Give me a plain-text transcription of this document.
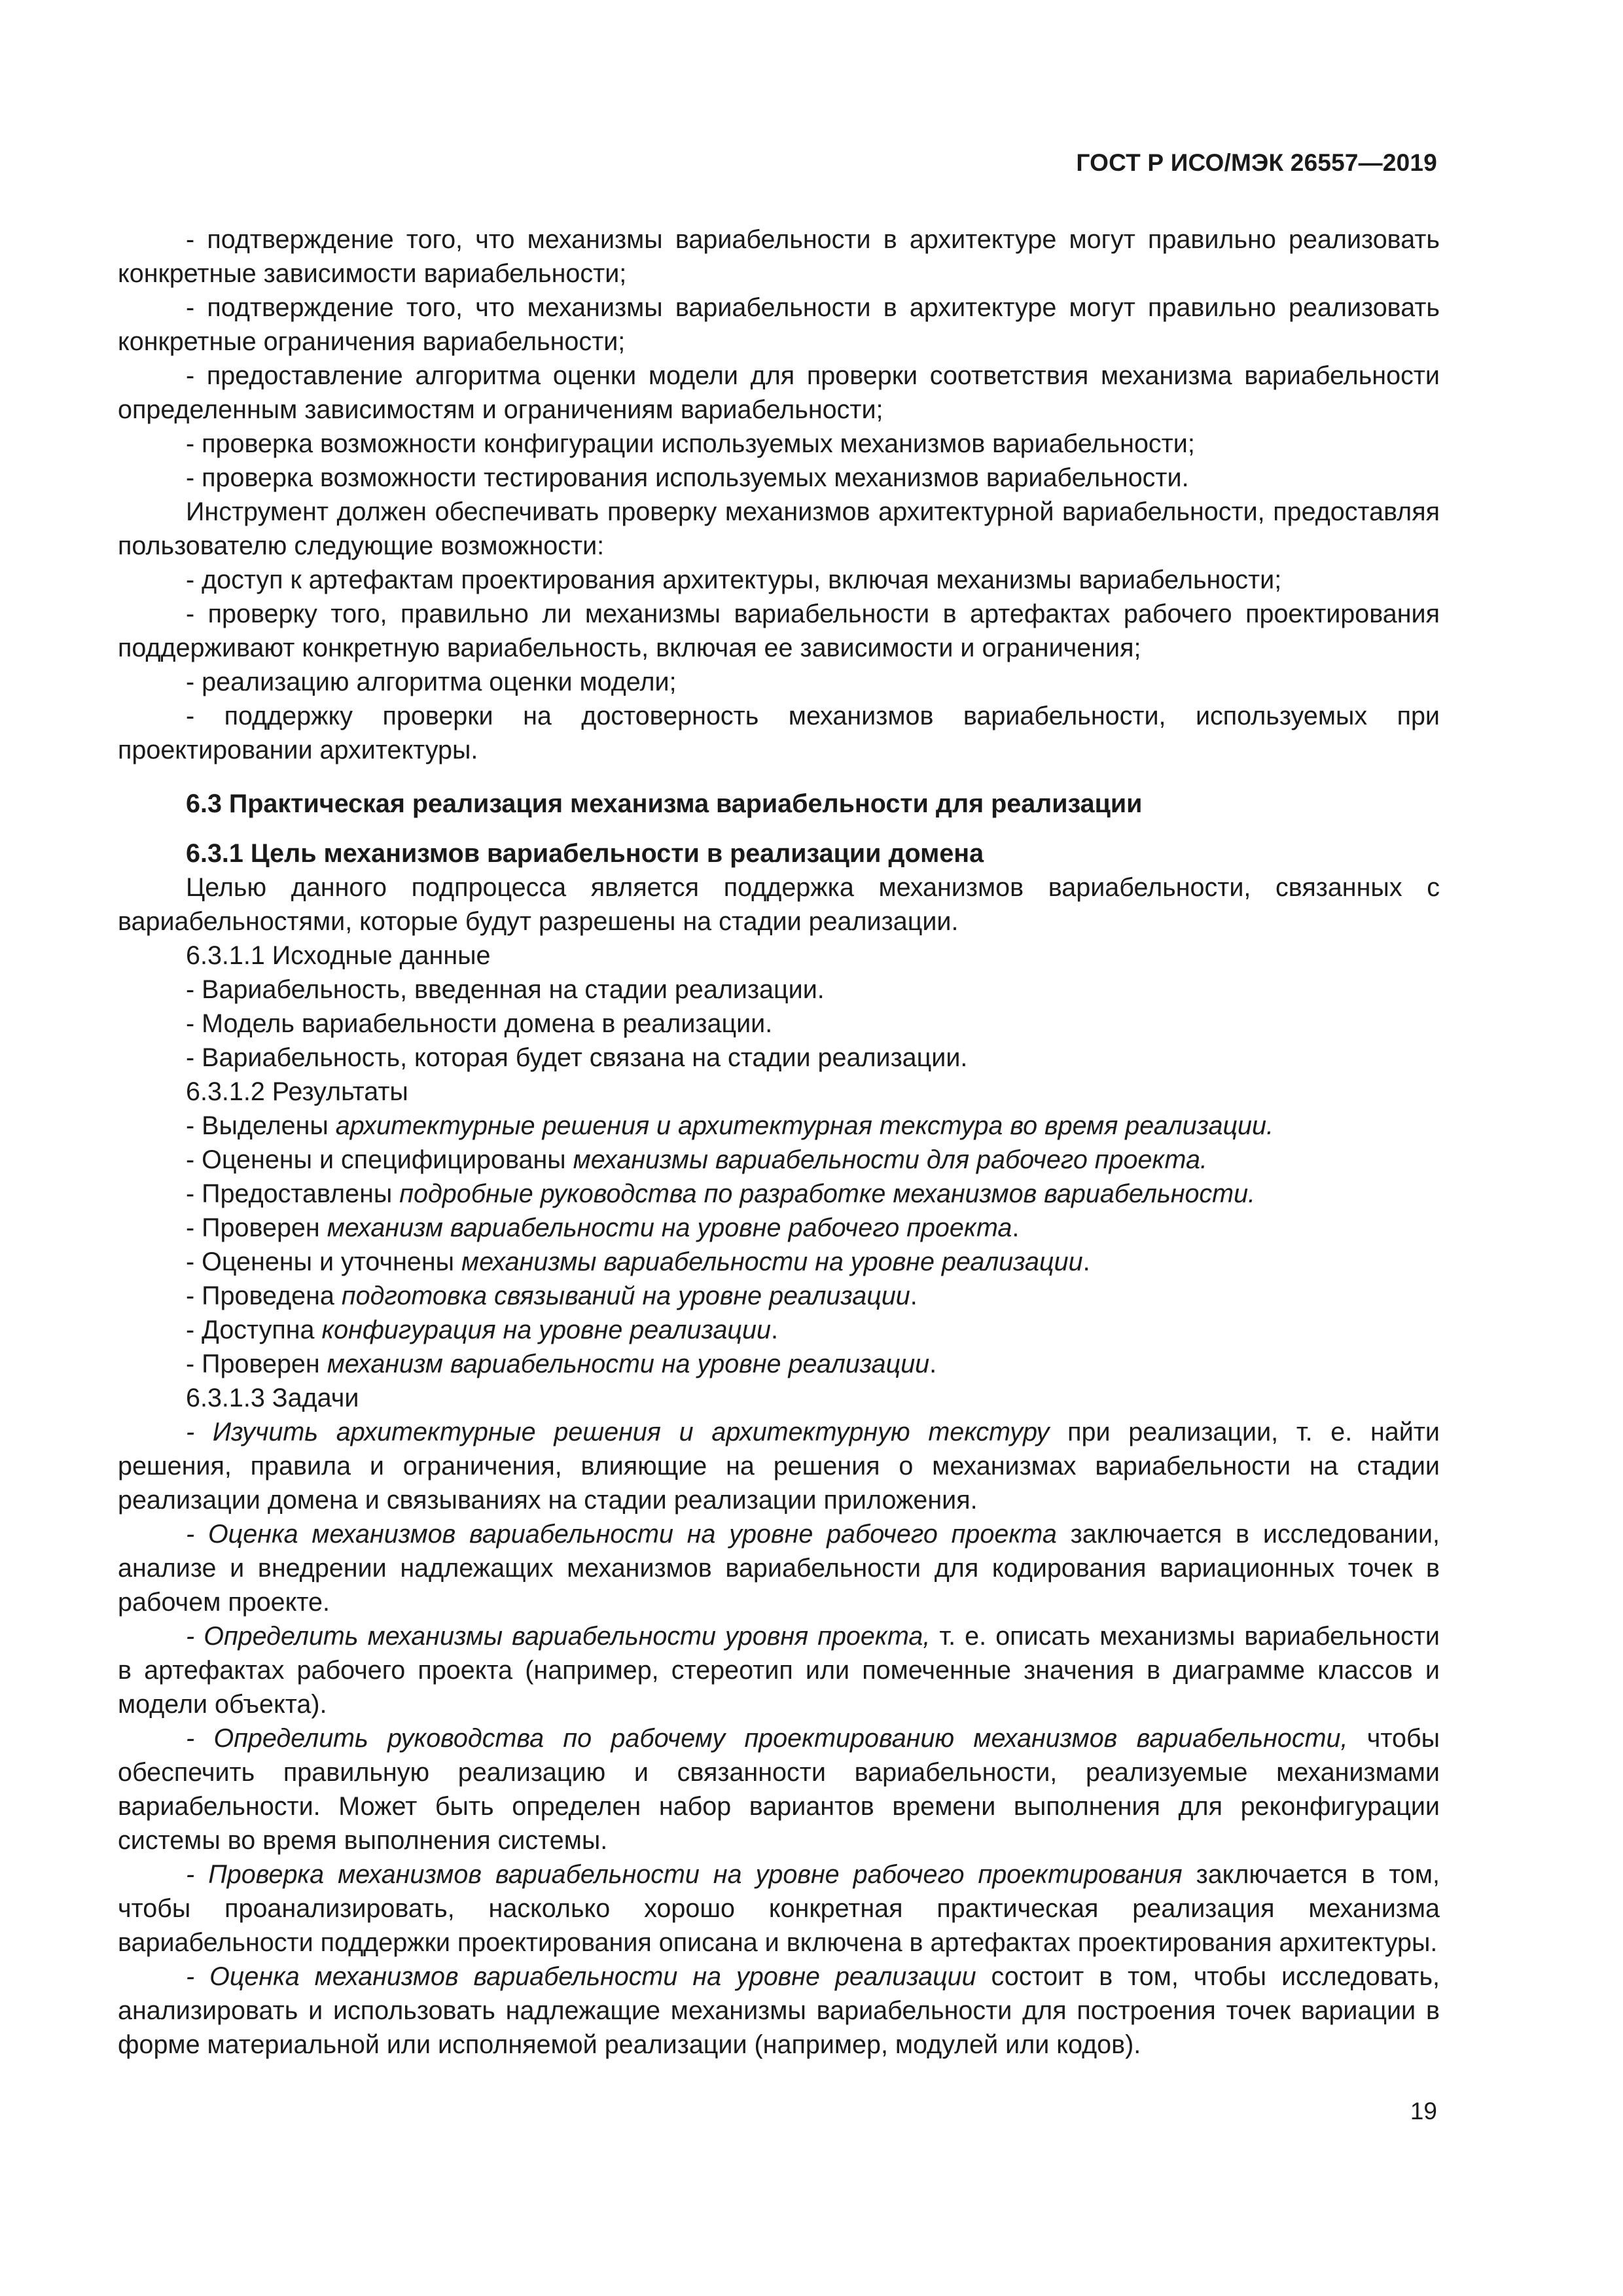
ГОСТ Р ИСО/МЭК 26557—2019

- подтверждение того, что механизмы вариабельности в архитектуре могут правильно реализовать конкретные зависимости вариабельности;

- подтверждение того, что механизмы вариабельности в архитектуре могут правильно реализовать конкретные ограничения вариабельности;

- предоставление алгоритма оценки модели для проверки соответствия механизма вариабельности определенным зависимостям и ограничениям вариабельности;

- проверка возможности конфигурации используемых механизмов вариабельности;

- проверка возможности тестирования используемых механизмов вариабельности.

Инструмент должен обеспечивать проверку механизмов архитектурной вариабельности, предоставляя пользователю следующие возможности:

- доступ к артефактам проектирования архитектуры, включая механизмы вариабельности;

- проверку того, правильно ли механизмы вариабельности в артефактах рабочего проектирования поддерживают конкретную вариабельность, включая ее зависимости и ограничения;

- реализацию алгоритма оценки модели;

- поддержку проверки на достоверность механизмов вариабельности, используемых при проектировании архитектуры.

6.3 Практическая реализация механизма вариабельности для реализации
6.3.1 Цель механизмов вариабельности в реализации домена

Целью данного подпроцесса является поддержка механизмов вариабельности, связанных с вариабельностями, которые будут разрешены на стадии реализации.

6.3.1.1 Исходные данные

- Вариабельность, введенная на стадии реализации.

- Модель вариабельности домена в реализации.

- Вариабельность, которая будет связана на стадии реализации.

6.3.1.2 Результаты

- Выделены архитектурные решения и архитектурная текстура во время реализации.

- Оценены и специфицированы механизмы вариабельности для рабочего проекта.

- Предоставлены подробные руководства по разработке механизмов вариабельности.

- Проверен механизм вариабельности на уровне рабочего проекта.

- Оценены и уточнены механизмы вариабельности на уровне реализации.

- Проведена подготовка связываний на уровне реализации.

- Доступна конфигурация на уровне реализации.

- Проверен механизм вариабельности на уровне реализации.

6.3.1.3 Задачи

- Изучить архитектурные решения и архитектурную текстуру при реализации, т. е. найти решения, правила и ограничения, влияющие на решения о механизмах вариабельности на стадии реализации домена и связываниях на стадии реализации приложения.

- Оценка механизмов вариабельности на уровне рабочего проекта заключается в исследовании, анализе и внедрении надлежащих механизмов вариабельности для кодирования вариационных точек в рабочем проекте.

- Определить механизмы вариабельности уровня проекта, т. е. описать механизмы вариабельности в артефактах рабочего проекта (например, стереотип или помеченные значения в диаграмме классов и модели объекта).

- Определить руководства по рабочему проектированию механизмов вариабельности, чтобы обеспечить правильную реализацию и связанности вариабельности, реализуемые механизмами вариабельности. Может быть определен набор вариантов времени выполнения для реконфигурации системы во время выполнения системы.

- Проверка механизмов вариабельности на уровне рабочего проектирования заключается в том, чтобы проанализировать, насколько хорошо конкретная практическая реализация механизма вариабельности поддержки проектирования описана и включена в артефактах проектирования архитектуры.

- Оценка механизмов вариабельности на уровне реализации состоит в том, чтобы исследовать, анализировать и использовать надлежащие механизмы вариабельности для построения точек вариации в форме материальной или исполняемой реализации (например, модулей или кодов).

19
